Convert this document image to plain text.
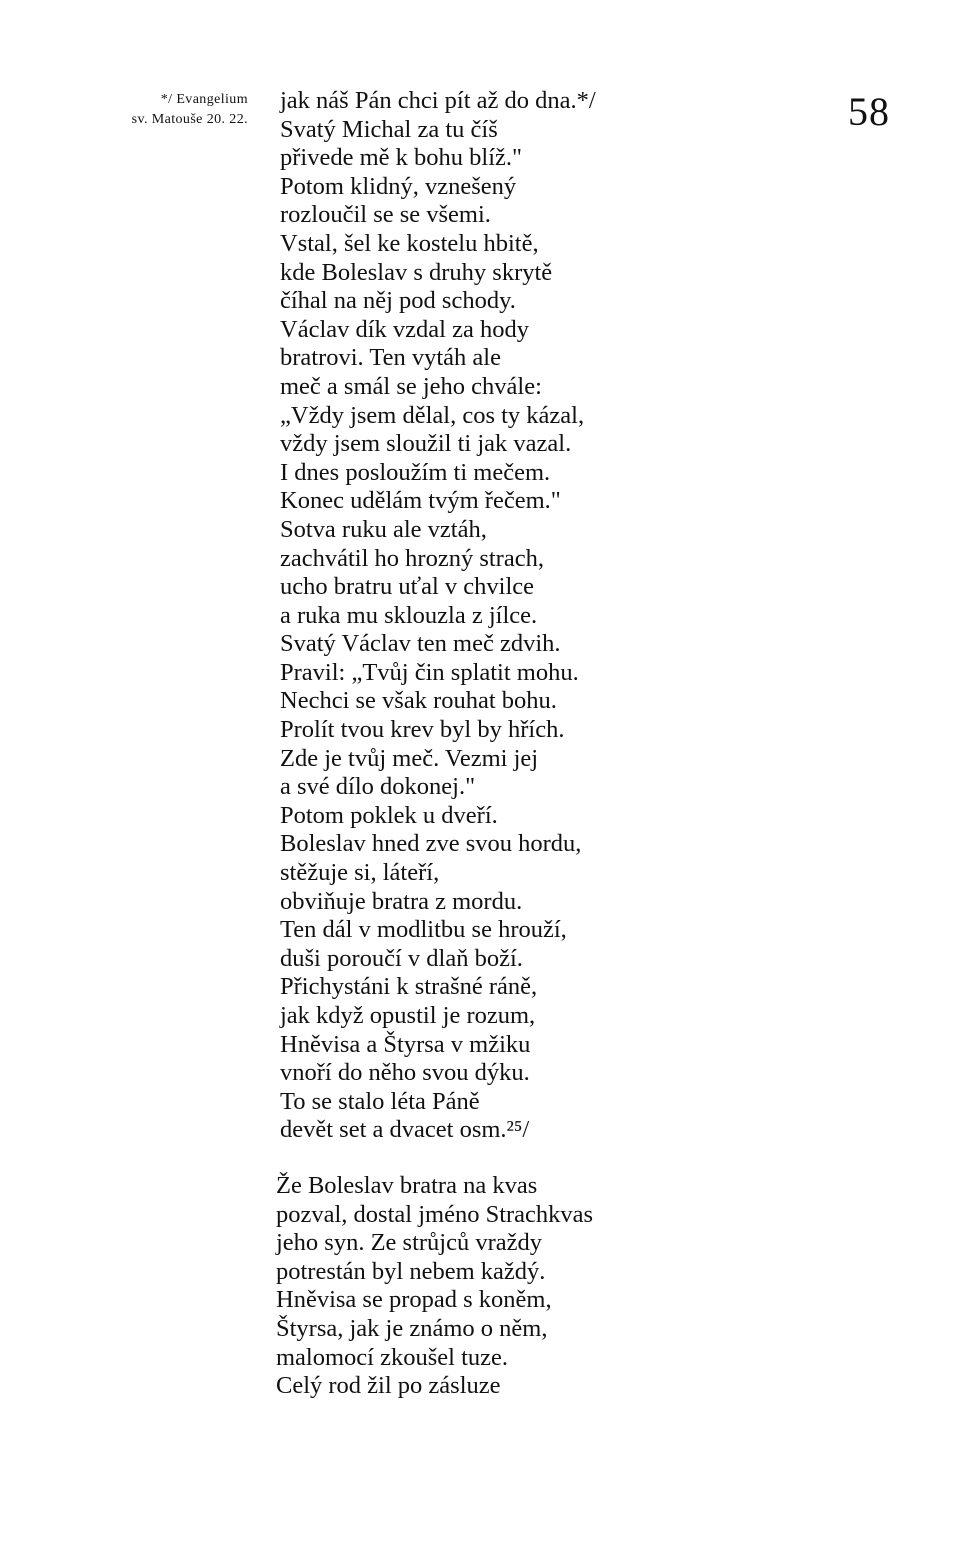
*/ Evangelium
sv. Matouše 20. 22.	58
jak náš Pán chci pít až do dna.*/
Svatý Michal za tu číš
přivede mě k bohu blíž."
Potom klidný, vznešený
rozloučil se se všemi.
Vstal, šel ke kostelu hbitě,
kde Boleslav s druhy skrytě
číhal na něj pod schody.
Václav dík vzdal za hody
bratrovi. Ten vytáh ale
meč a smál se jeho chvále:
„Vždy jsem dělal, cos ty kázal,
vždy jsem sloužil ti jak vazal.
I dnes posloužím ti mečem.
Konec udělám tvým řečem."
Sotva ruku ale vztáh,
zachvátil ho hrozný strach,
ucho bratru uťal v chvilce
a ruka mu sklouzla z jílce.
Svatý Václav ten meč zdvih.
Pravil: „Tvůj čin splatit mohu.
Nechci se však rouhat bohu.
Prolít tvou krev byl by hřích.
Zde je tvůj meč. Vezmi jej
a své dílo dokonej."
Potom poklek u dveří.
Boleslav hned zve svou hordu,
stěžuje si, láteří,
obviňuje bratra z mordu.
Ten dál v modlitbu se hrouží,
duši poroučí v dlaň boží.
Přichystáni k strašné ráně,
jak když opustil je rozum,
Hněvisa a Štyrsa v mžiku
vnoří do něho svou dýku.
To se stalo léta Páně
devět set a dvacet osm.²⁵/
Že Boleslav bratra na kvas
pozval, dostal jméno Strachkvas
jeho syn. Ze strůjců vraždy
potrestán byl nebem každý.
Hněvisa se propad s koněm,
Štyrsa, jak je známo o něm,
malomocí zkoušel tuze.
Celý rod žil po zásluze
